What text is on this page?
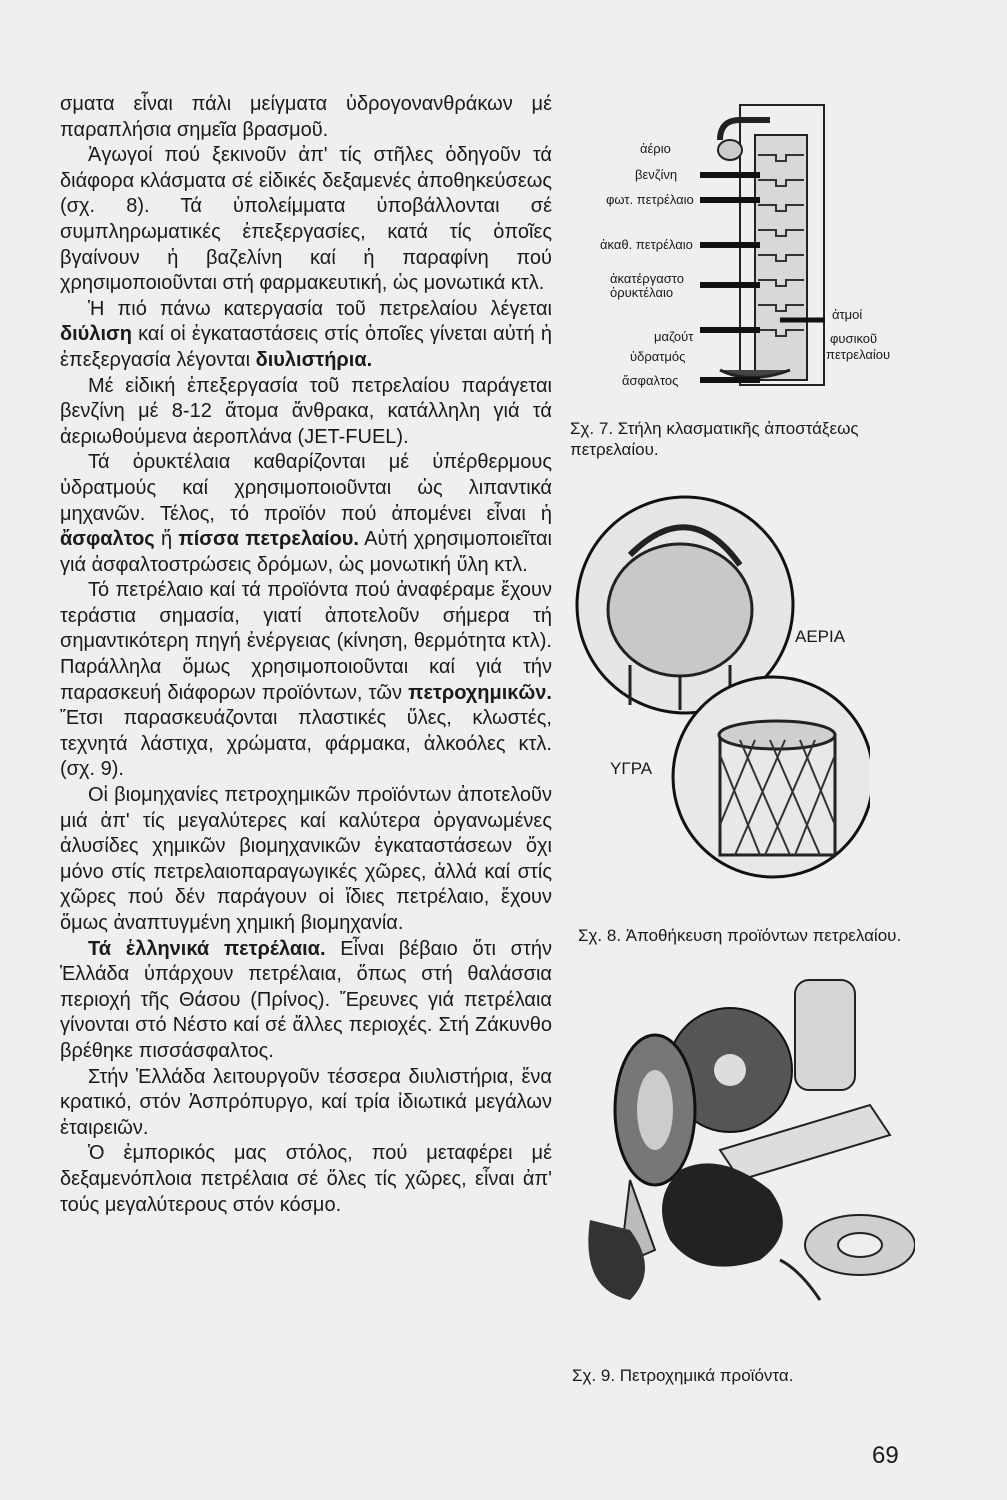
σματα εἶναι πάλι μείγματα ὑδρογονανθράκων μέ παραπλήσια σημεῖα βρασμοῦ.

Ἀγωγοί πού ξεκινοῦν ἀπ' τίς στῆλες ὁδηγοῦν τά διάφορα κλάσματα σέ εἰδικές δεξαμενές ἀποθηκεύσεως (σχ. 8). Τά ὑπολείμματα ὑποβάλλονται σέ συμπληρωματικές ἐπεξεργασίες, κατά τίς ὁποῖες βγαίνουν ἡ βαζελίνη καί ἡ παραφίνη πού χρησιμοποιοῦνται στή φαρμακευτική, ὡς μονωτικά κτλ.

Ἡ πιό πάνω κατεργασία τοῦ πετρελαίου λέγεται διύλιση καί οἱ ἐγκαταστάσεις στίς ὁποῖες γίνεται αὐτή ἡ ἐπεξεργασία λέγονται διυλιστήρια.

Μέ εἰδική ἐπεξεργασία τοῦ πετρελαίου παράγεται βενζίνη μέ 8-12 ἄτομα ἄνθρακα, κατάλληλη γιά τά ἀεριωθούμενα ἀεροπλάνα (JET-FUEL).

Τά ὀρυκτέλαια καθαρίζονται μέ ὑπέρθερμους ὑδρατμούς καί χρησιμοποιοῦνται ὡς λιπαντικά μηχανῶν. Τέλος, τό προϊόν πού ἀπομένει εἶναι ἡ ἄσφαλτος ἤ πίσσα πετρελαίου. Αὐτή χρησιμοποιεῖται γιά ἀσφαλτοστρώσεις δρόμων, ὡς μονωτική ὕλη κτλ.

Τό πετρέλαιο καί τά προϊόντα πού ἀναφέραμε ἔχουν τεράστια σημασία, γιατί ἀποτελοῦν σήμερα τή σημαντικότερη πηγή ἐνέργειας (κίνηση, θερμότητα κτλ). Παράλληλα ὅμως χρησιμοποιοῦνται καί γιά τήν παρασκευή διάφορων προϊόντων, τῶν πετροχημικῶν. Ἔτσι παρασκευάζονται πλαστικές ὕλες, κλωστές, τεχνητά λάστιχα, χρώματα, φάρμακα, ἀλκοόλες κτλ. (σχ. 9).

Οἱ βιομηχανίες πετροχημικῶν προϊόντων ἀποτελοῦν μιά ἀπ' τίς μεγαλύτερες καί καλύτερα ὀργανωμένες ἀλυσίδες χημικῶν βιομηχανικῶν ἐγκαταστάσεων ὄχι μόνο στίς πετρελαιοπαραγωγικές χῶρες, ἀλλά καί στίς χῶρες πού δέν παράγουν οἱ ἴδιες πετρέλαιο, ἔχουν ὅμως ἀναπτυγμένη χημική βιομηχανία.

Τά ἑλληνικά πετρέλαια. Εἶναι βέβαιο ὅτι στήν Ἑλλάδα ὑπάρχουν πετρέλαια, ὅπως στή θαλάσσια περιοχή τῆς Θάσου (Πρίνος). Ἔρευνες γιά πετρέλαια γίνονται στό Νέστο καί σέ ἄλλες περιοχές. Στή Ζάκυνθο βρέθηκε πισσάσφαλτος.

Στήν Ἑλλάδα λειτουργοῦν τέσσερα διυλιστήρια, ἕνα κρατικό, στόν Ἀσπρόπυργο, καί τρία ἰδιωτικά μεγάλων ἑταιρειῶν.

Ὁ ἐμπορικός μας στόλος, πού μεταφέρει μέ δεξαμενόπλοια πετρέλαια σέ ὅλες τίς χῶρες, εἶναι ἀπ' τούς μεγαλύτερους στόν κόσμο.

ἀέριο
βενζίνη
φωτ. πετρέλαιο
ἀκαθ. πετρέλαιο
ἀκατέργαστο
ὀρυκτέλαιο
μαζούτ
ὑδρατμός
ἄσφαλτος
ἀτμοί
φυσικοῦ
πετρελαίου
Σχ. 7. Στήλη κλασματικῆς ἀποστάξεως πετρελαίου.
ΑΕΡΙΑ
ΥΓΡΑ
Σχ. 8. Ἀποθήκευση προϊόντων πετρελαίου.
Σχ. 9. Πετροχημικά προϊόντα.
69
